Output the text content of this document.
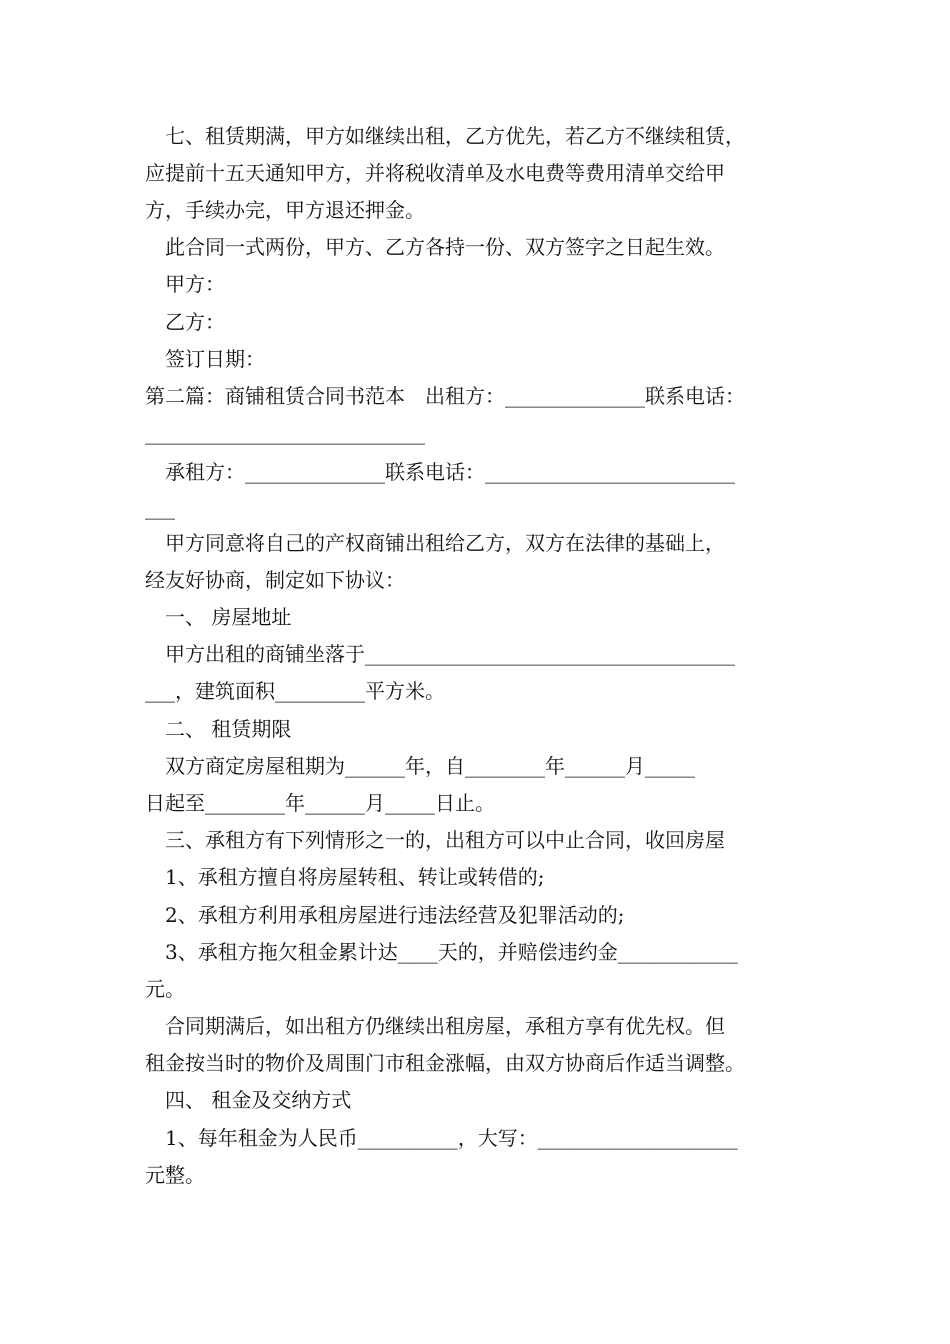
　七、租赁期满，甲方如继续出租，乙方优先，若乙方不继续租赁，
应提前十五天通知甲方，并将税收清单及水电费等费用清单交给甲
方，手续办完，甲方退还押金。
　此合同一式两份，甲方、乙方各持一份、双方签字之日起生效。
　甲方：
　乙方：
　签订日期：
第二篇：商铺租赁合同书范本　出租方：______________联系电话：
____________________________
　承租方：______________联系电话：_________________________
___
　甲方同意将自己的产权商铺出租给乙方，双方在法律的基础上，
经友好协商，制定如下协议：
　一、 房屋地址
　甲方出租的商铺坐落于_____________________________________
___，建筑面积_________平方米。
　二、 租赁期限
　双方商定房屋租期为______年，自________年______月_____
日起至________年______月_____日止。
　三、承租方有下列情形之一的，出租方可以中止合同，收回房屋
　1、承租方擅自将房屋转租、转让或转借的;
　2、承租方利用承租房屋进行违法经营及犯罪活动的;
　3、承租方拖欠租金累计达____天的，并赔偿违约金____________
元。
　合同期满后，如出租方仍继续出租房屋，承租方享有优先权。但
租金按当时的物价及周围门市租金涨幅，由双方协商后作适当调整。
　四、 租金及交纳方式
　1、每年租金为人民币__________，大写：____________________
元整。
